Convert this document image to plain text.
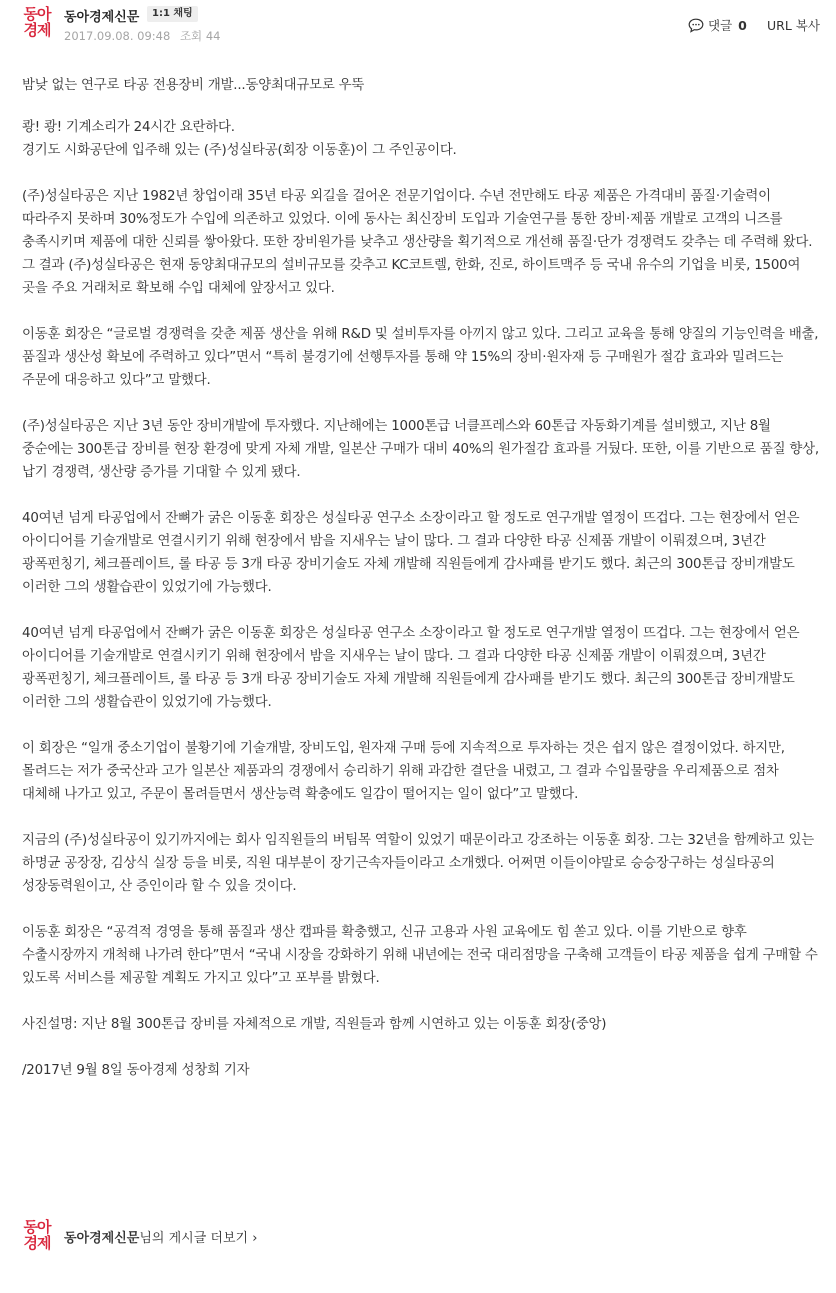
동아
경제
동아경제신문	1:1 채팅
2017.09.08. 09:48 조회 44
댓글 0 URL 복사

밤낮 없는 연구로 타공 전용장비 개발...동양최대규모로 우뚝

쾅! 쾅! 기계소리가 24시간 요란하다.

경기도 시화공단에 입주해 있는 (주)성실타공(회장 이동훈)이 그 주인공이다.

(주)성실타공은 지난 1982년 창업이래 35년 타공 외길을 걸어온 전문기업이다. 수년 전만해도 타공 제품은 가격대비 품질·기술력이 따라주지 못하며 30%정도가 수입에 의존하고 있었다. 이에 동사는 최신장비 도입과 기술연구를 통한 장비·제품 개발로 고객의 니즈를 충족시키며 제품에 대한 신뢰를 쌓아왔다. 또한 장비원가를 낮추고 생산량을 획기적으로 개선해 품질·단가 경쟁력도 갖추는 데 주력해 왔다.

그 결과 (주)성실타공은 현재 동양최대규모의 설비규모를 갖추고 KC코트렐, 한화, 진로, 하이트맥주 등 국내 유수의 기업을 비롯, 1500여 곳을 주요 거래처로 확보해 수입 대체에 앞장서고 있다.

이동훈 회장은 “글로벌 경쟁력을 갖춘 제품 생산을 위해 R&D 및 설비투자를 아끼지 않고 있다. 그리고 교육을 통해 양질의 기능인력을 배출, 품질과 생산성 확보에 주력하고 있다”면서 “특히 불경기에 선행투자를 통해 약 15%의 장비·원자재 등 구매원가 절감 효과와 밀려드는 주문에 대응하고 있다”고 말했다.

(주)성실타공은 지난 3년 동안 장비개발에 투자했다. 지난해에는 1000톤급 너클프레스와 60톤급 자동화기계를 설비했고, 지난 8월 중순에는 300톤급 장비를 현장 환경에 맞게 자체 개발, 일본산 구매가 대비 40%의 원가절감 효과를 거뒀다. 또한, 이를 기반으로 품질 향상, 납기 경쟁력, 생산량 증가를 기대할 수 있게 됐다.

40여년 넘게 타공업에서 잔뼈가 굵은 이동훈 회장은 성실타공 연구소 소장이라고 할 정도로 연구개발 열정이 뜨겁다. 그는 현장에서 얻은 아이디어를 기술개발로 연결시키기 위해 현장에서 밤을 지새우는 날이 많다. 그 결과 다양한 타공 신제품 개발이 이뤄졌으며, 3년간 광폭펀칭기, 체크플레이트, 롤 타공 등 3개 타공 장비기술도 자체 개발해 직원들에게 감사패를 받기도 했다. 최근의 300톤급 장비개발도 이러한 그의 생활습관이 있었기에 가능했다.

40여년 넘게 타공업에서 잔뼈가 굵은 이동훈 회장은 성실타공 연구소 소장이라고 할 정도로 연구개발 열정이 뜨겁다. 그는 현장에서 얻은 아이디어를 기술개발로 연결시키기 위해 현장에서 밤을 지새우는 날이 많다. 그 결과 다양한 타공 신제품 개발이 이뤄졌으며, 3년간 광폭펀칭기, 체크플레이트, 롤 타공 등 3개 타공 장비기술도 자체 개발해 직원들에게 감사패를 받기도 했다. 최근의 300톤급 장비개발도 이러한 그의 생활습관이 있었기에 가능했다.

이 회장은 “일개 중소기업이 불황기에 기술개발, 장비도입, 원자재 구매 등에 지속적으로 투자하는 것은 쉽지 않은 결정이었다. 하지만, 몰려드는 저가 중국산과 고가 일본산 제품과의 경쟁에서 승리하기 위해 과감한 결단을 내렸고, 그 결과 수입물량을 우리제품으로 점차 대체해 나가고 있고, 주문이 몰려들면서 생산능력 확충에도 일감이 떨어지는 일이 없다”고 말했다.

지금의 (주)성실타공이 있기까지에는 회사 임직원들의 버팀목 역할이 있었기 때문이라고 강조하는 이동훈 회장. 그는 32년을 함께하고 있는 하명균 공장장, 김상식 실장 등을 비롯, 직원 대부분이 장기근속자들이라고 소개했다. 어쩌면 이들이야말로 승승장구하는 성실타공의 성장동력원이고, 산 증인이라 할 수 있을 것이다.

이동훈 회장은 “공격적 경영을 통해 품질과 생산 캡파를 확충했고, 신규 고용과 사원 교육에도 힘 쏟고 있다. 이를 기반으로 향후 수출시장까지 개척해 나가려 한다”면서 “국내 시장을 강화하기 위해 내년에는 전국 대리점망을 구축해 고객들이 타공 제품을 쉽게 구매할 수 있도록 서비스를 제공할 계획도 가지고 있다”고 포부를 밝혔다.

사진설명: 지난 8월 300톤급 장비를 자체적으로 개발, 직원들과 함께 시연하고 있는 이동훈 회장(중앙)

/2017년 9월 8일 동아경제 성창희 기자

동아
경제 동아경제신문님의 게시글 더보기 ›
